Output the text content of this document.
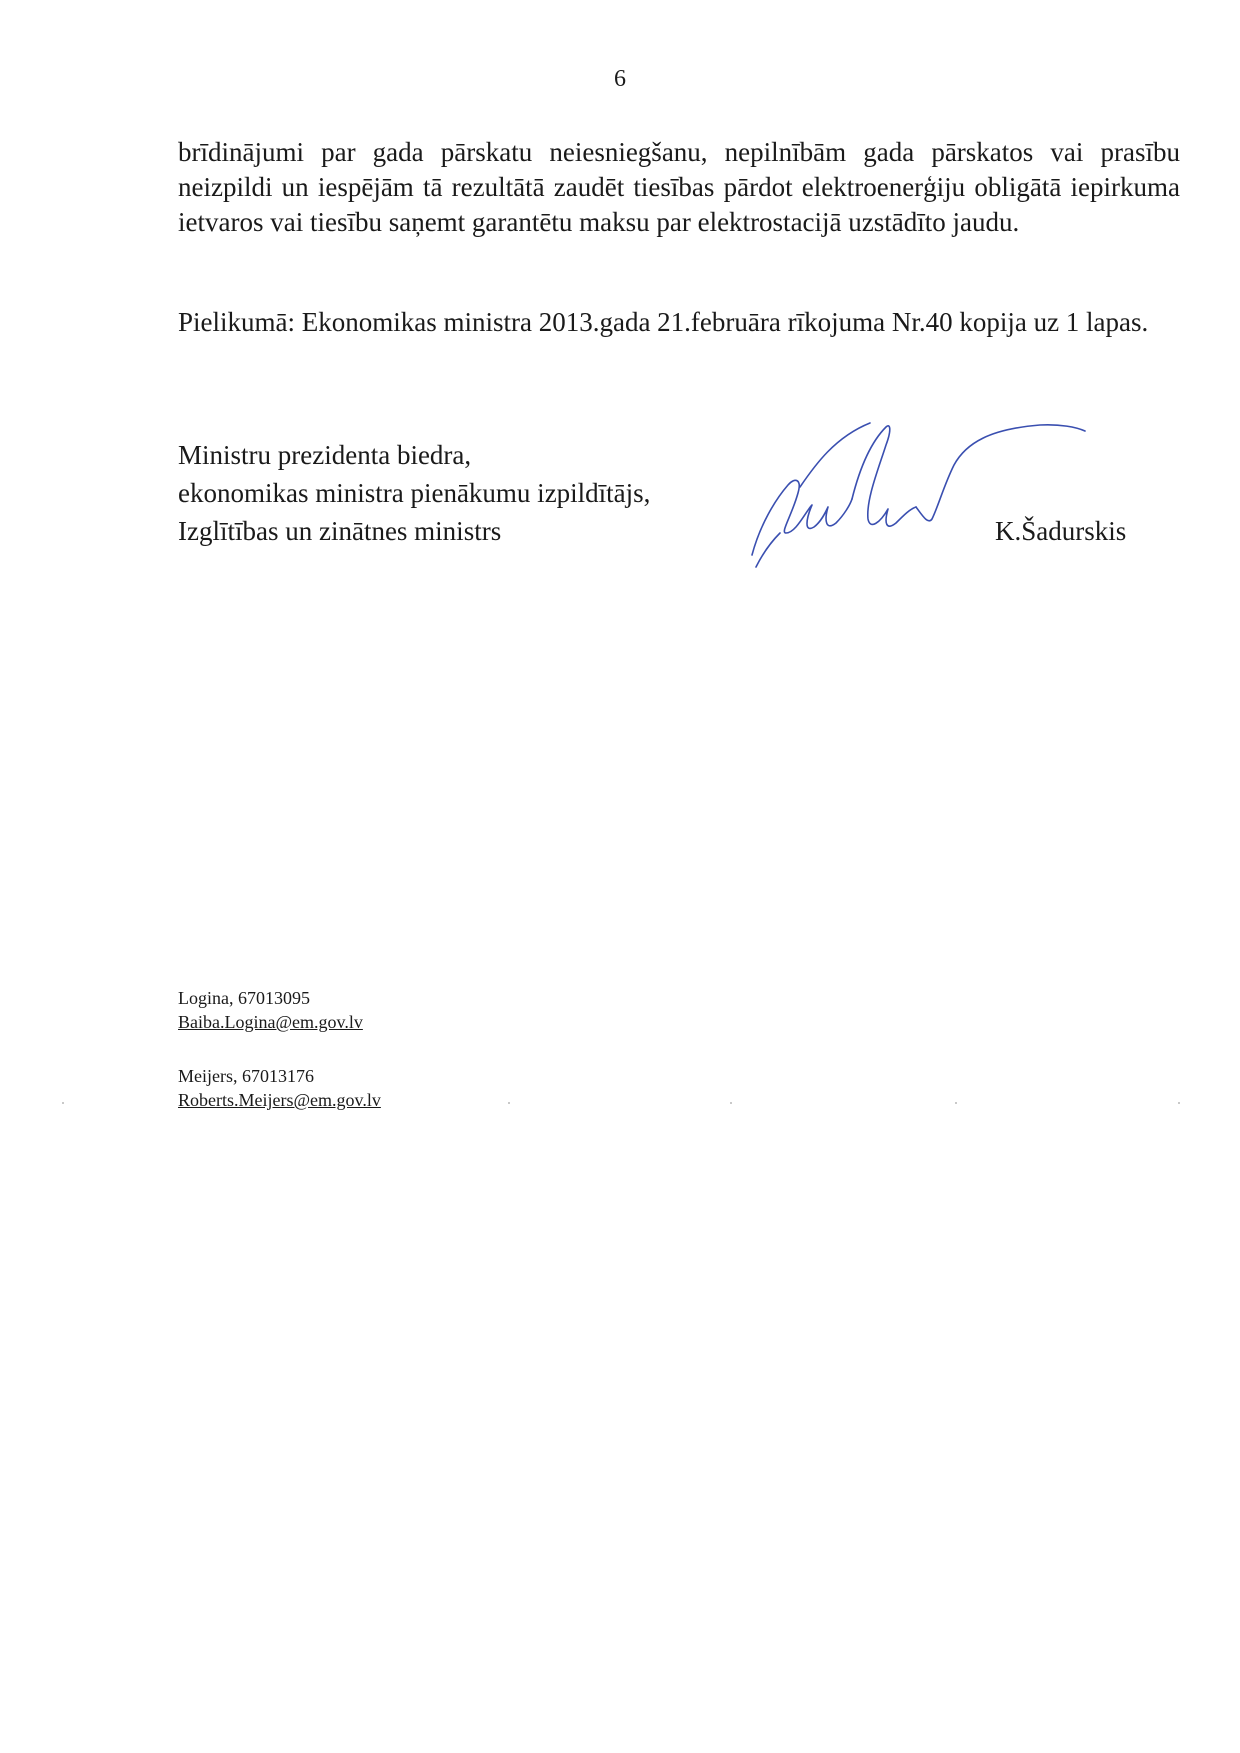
6

brīdinājumi par gada pārskatu neiesniegšanu, nepilnībām gada pārskatos vai prasību neizpildi un iespējām tā rezultātā zaudēt tiesības pārdot elektroenerģiju obligātā iepirkuma ietvaros vai tiesību saņemt garantētu maksu par elektrostacijā uzstādīto jaudu.

Pielikumā: Ekonomikas ministra 2013.gada 21.februāra rīkojuma Nr.40 kopija uz 1 lapas.

Ministru prezidenta biedra,
ekonomikas ministra pienākumu izpildītājs,
Izglītības un zinātnes ministrs	K.Šadurskis
Logina, 67013095
Baiba.Logina@em.gov.lv
Meijers, 67013176
Roberts.Meijers@em.gov.lv
